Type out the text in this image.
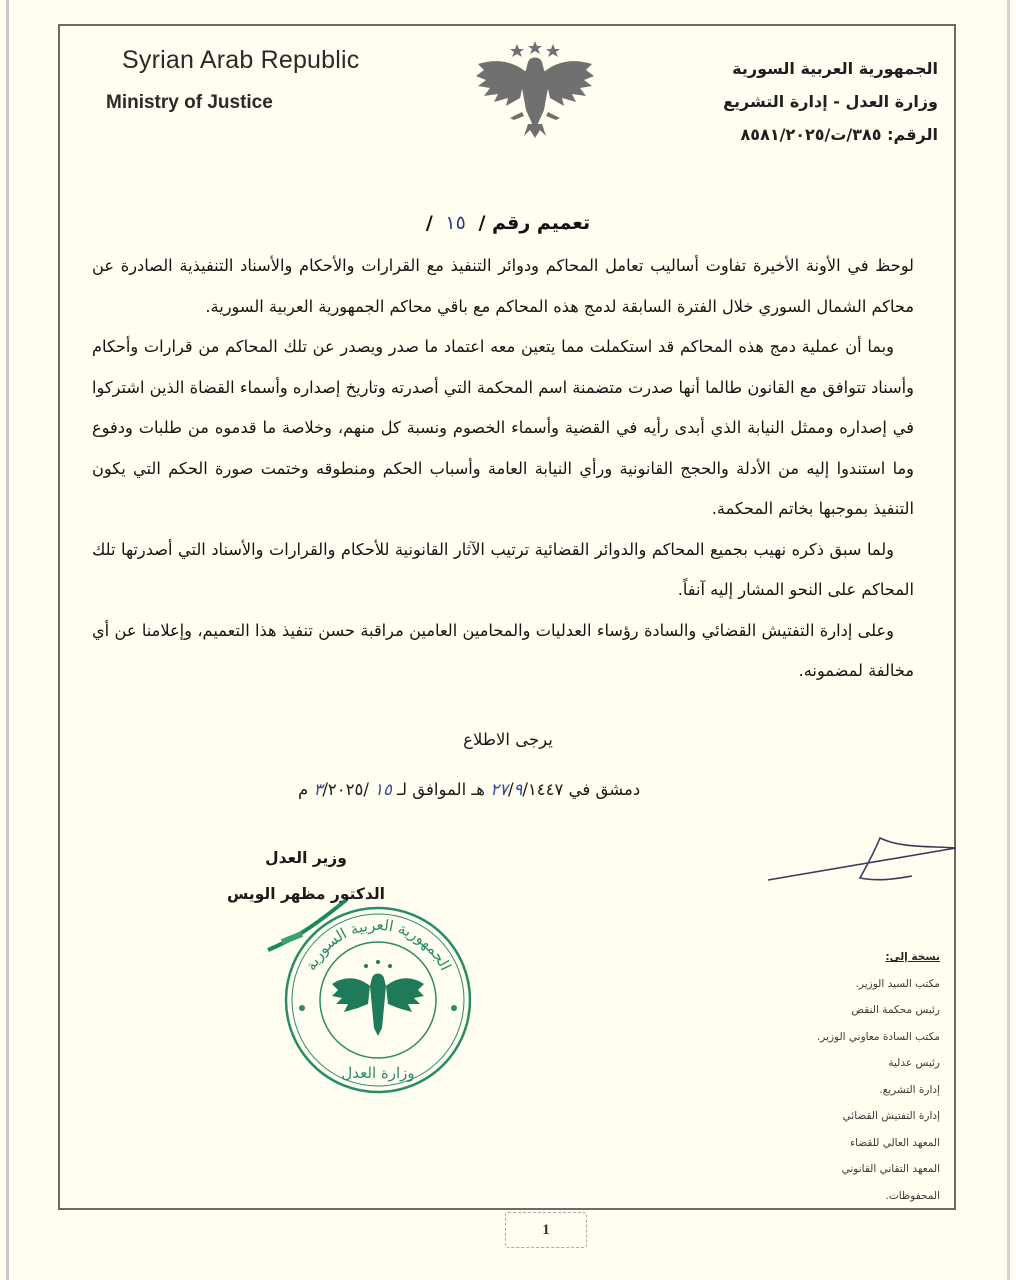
Syrian Arab Republic
Ministry of Justice
الجمهورية العربية السورية
وزارة العدل - إدارة التشريع
الرقم: ٣٨٥/ت/٨٥٨١/٢٠٢٥
تعميم رقم / ١٥ /

لوحظ في الأونة الأخيرة تفاوت أساليب تعامل المحاكم ودوائر التنفيذ مع القرارات والأحكام والأسناد التنفيذية الصادرة عن محاكم الشمال السوري خلال الفترة السابقة لدمج هذه المحاكم مع باقي محاكم الجمهورية العربية السورية.

وبما أن عملية دمج هذه المحاكم قد استكملت مما يتعين معه اعتماد ما صدر ويصدر عن تلك المحاكم من قرارات وأحكام وأسناد تتوافق مع القانون طالما أنها صدرت متضمنة اسم المحكمة التي أصدرته وتاريخ إصداره وأسماء القضاة الذين اشتركوا في إصداره وممثل النيابة الذي أبدى رأيه في القضية وأسماء الخصوم ونسبة كل منهم، وخلاصة ما قدموه من طلبات ودفوع وما استندوا إليه من الأدلة والحجج القانونية ورأي النيابة العامة وأسباب الحكم ومنطوقه وختمت صورة الحكم التي يكون التنفيذ بموجبها بخاتم المحكمة.

ولما سبق ذكره نهيب بجميع المحاكم والدوائر القضائية ترتيب الآثار القانونية للأحكام والقرارات والأسناد التي أصدرتها تلك المحاكم على النحو المشار إليه آنفاً.

وعلى إدارة التفتيش القضائي والسادة رؤساء العدليات والمحامين العامين مراقبة حسن تنفيذ هذا التعميم، وإعلامنا عن أي مخالفة لمضمونه.

يرجى الاطلاع
دمشق في ٢٧/٩/١٤٤٧ هـ الموافق لـ ١٥ /٣/٢٠٢٥ م
وزير العدل
الدكتور مظهر الويس
الجمهورية العربية السورية
وزارة العدل
نسخة إلى:
مكتب السيد الوزير.
رئيس محكمة النقض
مكتب السادة معاوني الوزير.
رئيس عدلية
إدارة التشريع.
إدارة التفتيش القضائي
المعهد العالي للقضاء
المعهد التقاني القانوني
المحفوظات.
1
